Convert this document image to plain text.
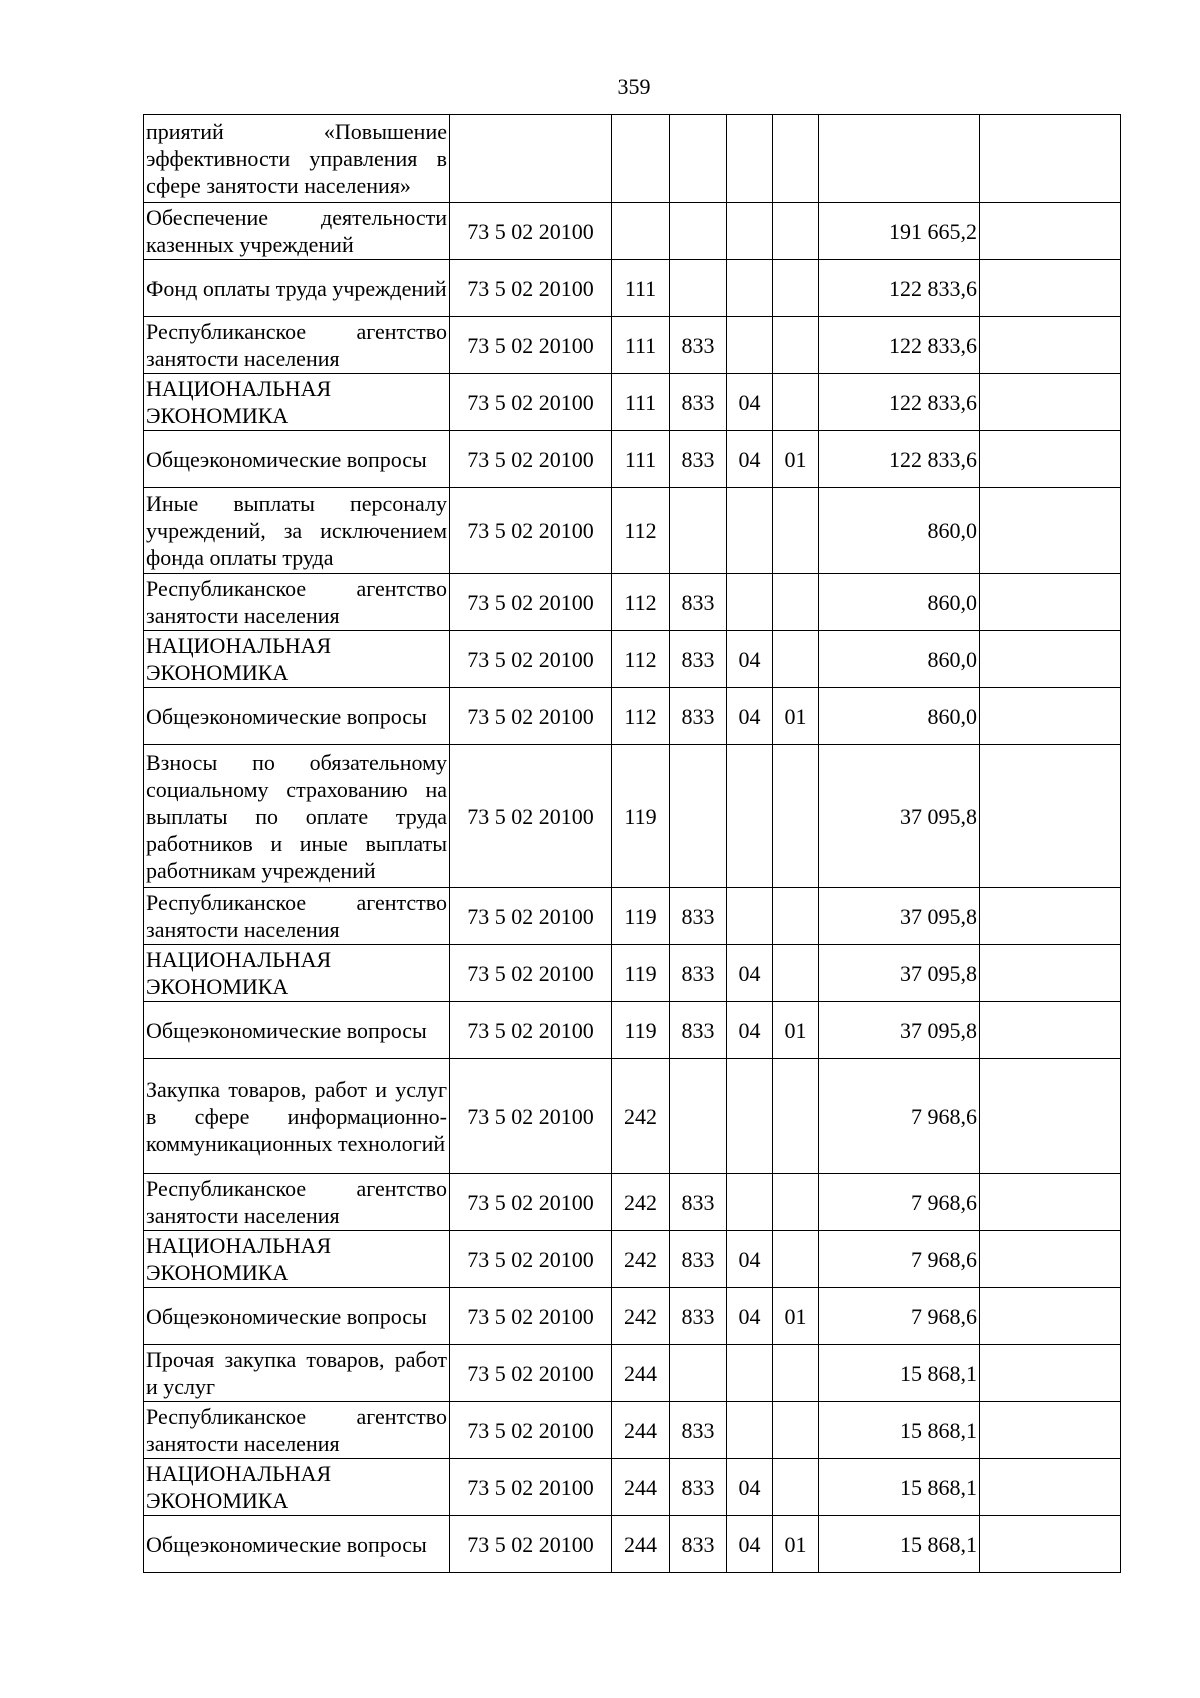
359
приятий «Повышение эффективности управления в сфере занятости населения»							
Обеспечение деятельности казенных учреждений	73 5 02 20100					191 665,2	
Фонд оплаты труда учреждений	73 5 02 20100	111				122 833,6	
Республиканское агентство занятости населения	73 5 02 20100	111	833			122 833,6	
НАЦИОНАЛЬНАЯ ЭКОНОМИКА	73 5 02 20100	111	833	04		122 833,6	
Общеэкономические вопросы	73 5 02 20100	111	833	04	01	122 833,6	
Иные выплаты персоналу учреждений, за исключением фонда оплаты труда	73 5 02 20100	112				860,0	
Республиканское агентство занятости населения	73 5 02 20100	112	833			860,0	
НАЦИОНАЛЬНАЯ ЭКОНОМИКА	73 5 02 20100	112	833	04		860,0	
Общеэкономические вопросы	73 5 02 20100	112	833	04	01	860,0	
Взносы по обязательному социальному страхованию на выплаты по оплате труда работников и иные выплаты работникам учреждений	73 5 02 20100	119				37 095,8	
Республиканское агентство занятости населения	73 5 02 20100	119	833			37 095,8	
НАЦИОНАЛЬНАЯ ЭКОНОМИКА	73 5 02 20100	119	833	04		37 095,8	
Общеэкономические вопросы	73 5 02 20100	119	833	04	01	37 095,8	
Закупка товаров, работ и услуг в сфере информационно-коммуникационных технологий	73 5 02 20100	242				7 968,6	
Республиканское агентство занятости населения	73 5 02 20100	242	833			7 968,6	
НАЦИОНАЛЬНАЯ ЭКОНОМИКА	73 5 02 20100	242	833	04		7 968,6	
Общеэкономические вопросы	73 5 02 20100	242	833	04	01	7 968,6	
Прочая закупка товаров, работ и услуг	73 5 02 20100	244				15 868,1	
Республиканское агентство занятости населения	73 5 02 20100	244	833			15 868,1	
НАЦИОНАЛЬНАЯ ЭКОНОМИКА	73 5 02 20100	244	833	04		15 868,1	
Общеэкономические вопросы	73 5 02 20100	244	833	04	01	15 868,1	
